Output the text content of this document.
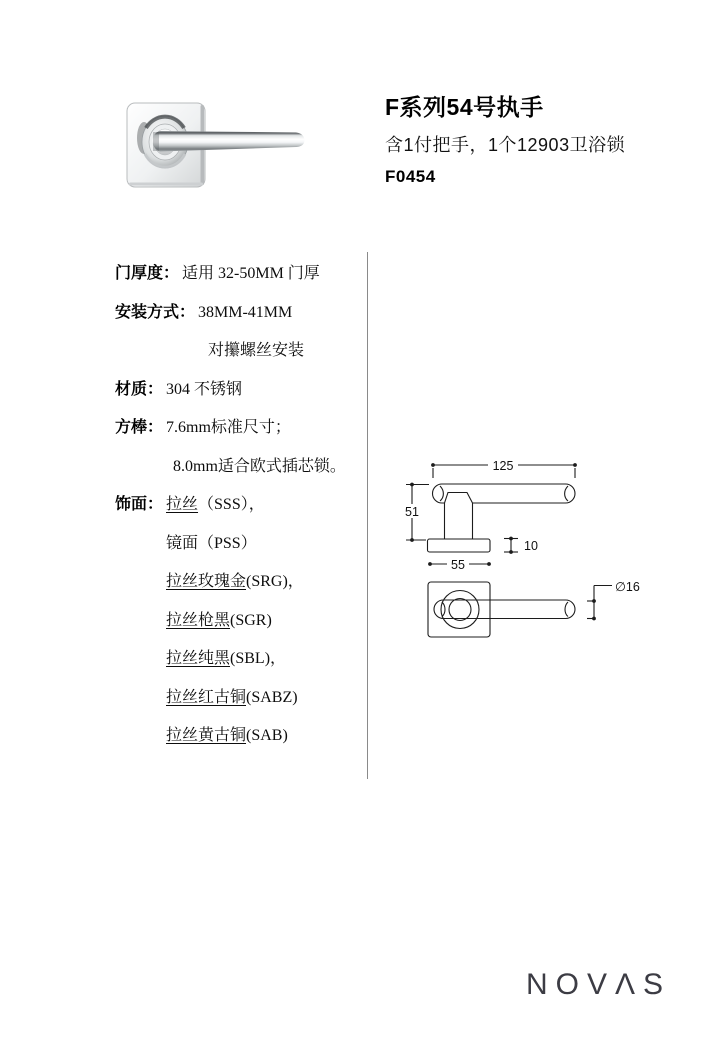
F系列54号执手
含1付把手，1个12903卫浴锁
F0454
门厚度： 适用 32-50MM 门厚
安装方式： 38MM-41MM
对攥螺丝安装
材质： 304 不锈钢
方棒： 7.6mm标准尺寸；
8.0mm适合欧式插芯锁。
饰面： 拉丝（SSS），
镜面（PSS）
拉丝玫瑰金(SRG)，
拉丝枪黑(SGR)
拉丝纯黑(SBL)，
拉丝红古铜(SABZ)
拉丝黄古铜(SAB)
125
51
10
55
∅16
NOVΛS
